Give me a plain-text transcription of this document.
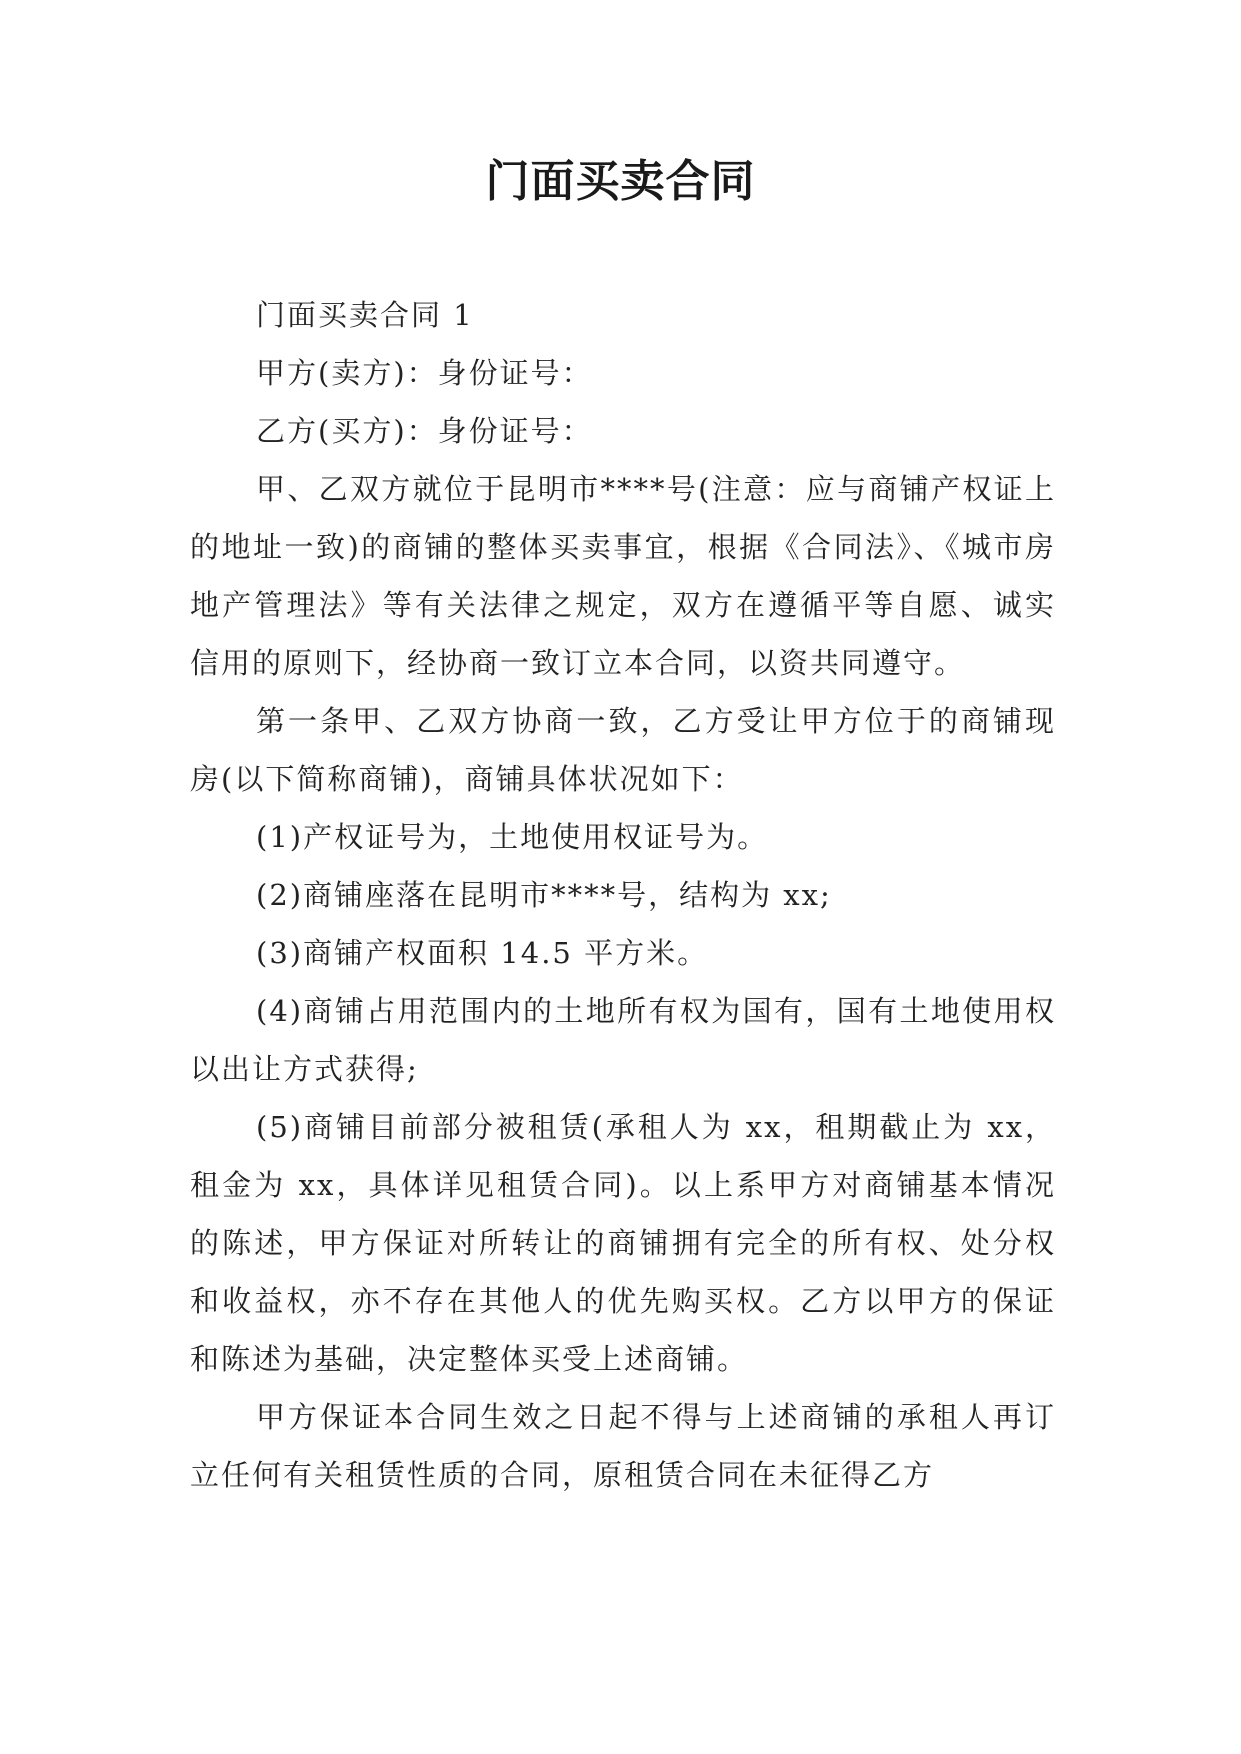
门面买卖合同

门面买卖合同 1

甲方(卖方)：身份证号：

乙方(买方)：身份证号：

甲、乙双方就位于昆明市****号(注意：应与商铺产权证上的地址一致)的商铺的整体买卖事宜，根据《合同法》、《城市房地产管理法》等有关法律之规定，双方在遵循平等自愿、诚实信用的原则下，经协商一致订立本合同，以资共同遵守。

第一条甲、乙双方协商一致，乙方受让甲方位于的商铺现房(以下简称商铺)，商铺具体状况如下：

(1)产权证号为，土地使用权证号为。

(2)商铺座落在昆明市****号，结构为 xx;

(3)商铺产权面积 14.5 平方米。

(4)商铺占用范围内的土地所有权为国有，国有土地使用权以出让方式获得;

(5)商铺目前部分被租赁(承租人为 xx，租期截止为 xx，租金为 xx，具体详见租赁合同)。以上系甲方对商铺基本情况的陈述，甲方保证对所转让的商铺拥有完全的所有权、处分权和收益权，亦不存在其他人的优先购买权。乙方以甲方的保证和陈述为基础，决定整体买受上述商铺。

甲方保证本合同生效之日起不得与上述商铺的承租人再订立任何有关租赁性质的合同，原租赁合同在未征得乙方
